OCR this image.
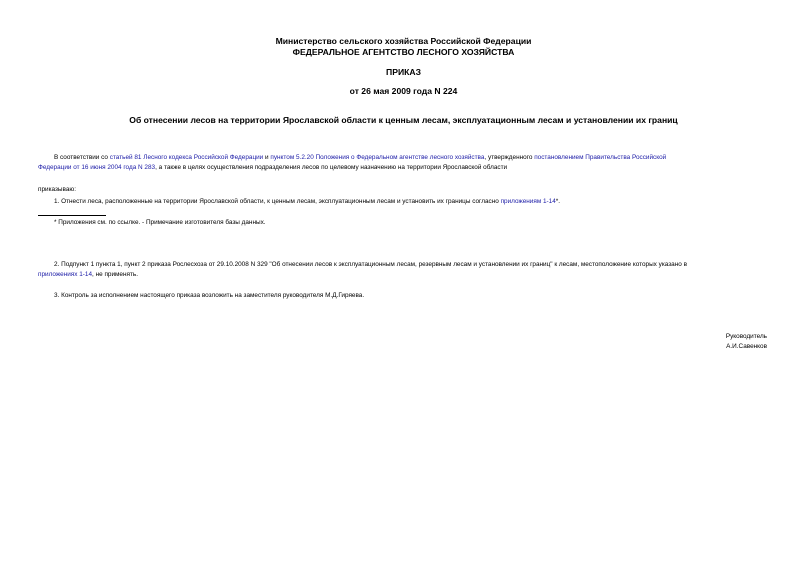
Министерство сельского хозяйства Российской Федерации
ФЕДЕРАЛЬНОЕ АГЕНТСТВО ЛЕСНОГО ХОЗЯЙСТВА
ПРИКАЗ
от 26 мая 2009 года N 224
Об отнесении лесов на территории Ярославской области к ценным лесам, эксплуатационным лесам и установлении их границ
В соответствии со статьей 81 Лесного кодекса Российской Федерации и пунктом 5.2.20 Положения о Федеральном агентстве лесного хозяйства, утвержденного постановлением Правительства Российской
Федерации от 16 июня 2004 года N 283, а также в целях осуществления подразделения лесов по целевому назначению на территории Ярославской области
приказываю:
1. Отнести леса, расположенные на территории Ярославской области, к ценным лесам, эксплуатационным лесам и установить их границы согласно приложениям 1-14*.
* Приложения см. по ссылке. - Примечание изготовителя базы данных.
2. Подпункт 1 пункта 1, пункт 2 приказа Рослесхоза от 29.10.2008 N 329 "Об отнесении лесов к эксплуатационным лесам, резервным лесам и установлении их границ" к лесам, местоположение которых указано в
приложениях 1-14, не применять.
3. Контроль за исполнением настоящего приказа возложить на заместителя руководителя М.Д.Гиряева.
Руководитель
А.И.Савенков
